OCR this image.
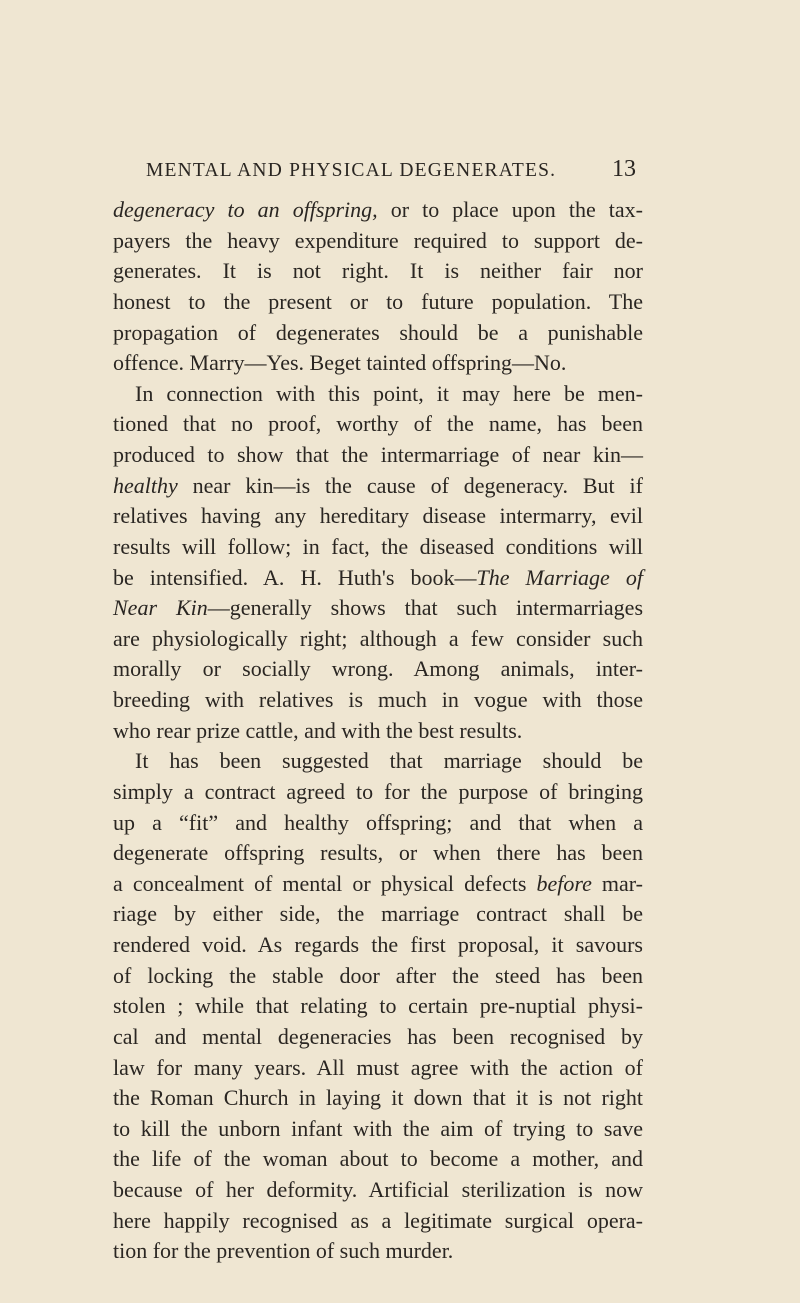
MENTAL AND PHYSICAL DEGENERATES. 13
degeneracy to an offspring, or to place upon the tax-
payers the heavy expenditure required to support de-
generates. It is not right. It is neither fair nor
honest to the present or to future population. The
propagation of degenerates should be a punishable
offence. Marry—Yes. Beget tainted offspring—No.
In connection with this point, it may here be men-
tioned that no proof, worthy of the name, has been
produced to show that the intermarriage of near kin—
healthy near kin—is the cause of degeneracy. But if
relatives having any hereditary disease intermarry, evil
results will follow; in fact, the diseased conditions will
be intensified. A. H. Huth's book—The Marriage of
Near Kin—generally shows that such intermarriages
are physiologically right; although a few consider such
morally or socially wrong. Among animals, inter-
breeding with relatives is much in vogue with those
who rear prize cattle, and with the best results.
It has been suggested that marriage should be
simply a contract agreed to for the purpose of bringing
up a “fit” and healthy offspring; and that when a
degenerate offspring results, or when there has been
a concealment of mental or physical defects before mar-
riage by either side, the marriage contract shall be
rendered void. As regards the first proposal, it savours
of locking the stable door after the steed has been
stolen ; while that relating to certain pre-nuptial physi-
cal and mental degeneracies has been recognised by
law for many years. All must agree with the action of
the Roman Church in laying it down that it is not right
to kill the unborn infant with the aim of trying to save
the life of the woman about to become a mother, and
because of her deformity. Artificial sterilization is now
here happily recognised as a legitimate surgical opera-
tion for the prevention of such murder.
